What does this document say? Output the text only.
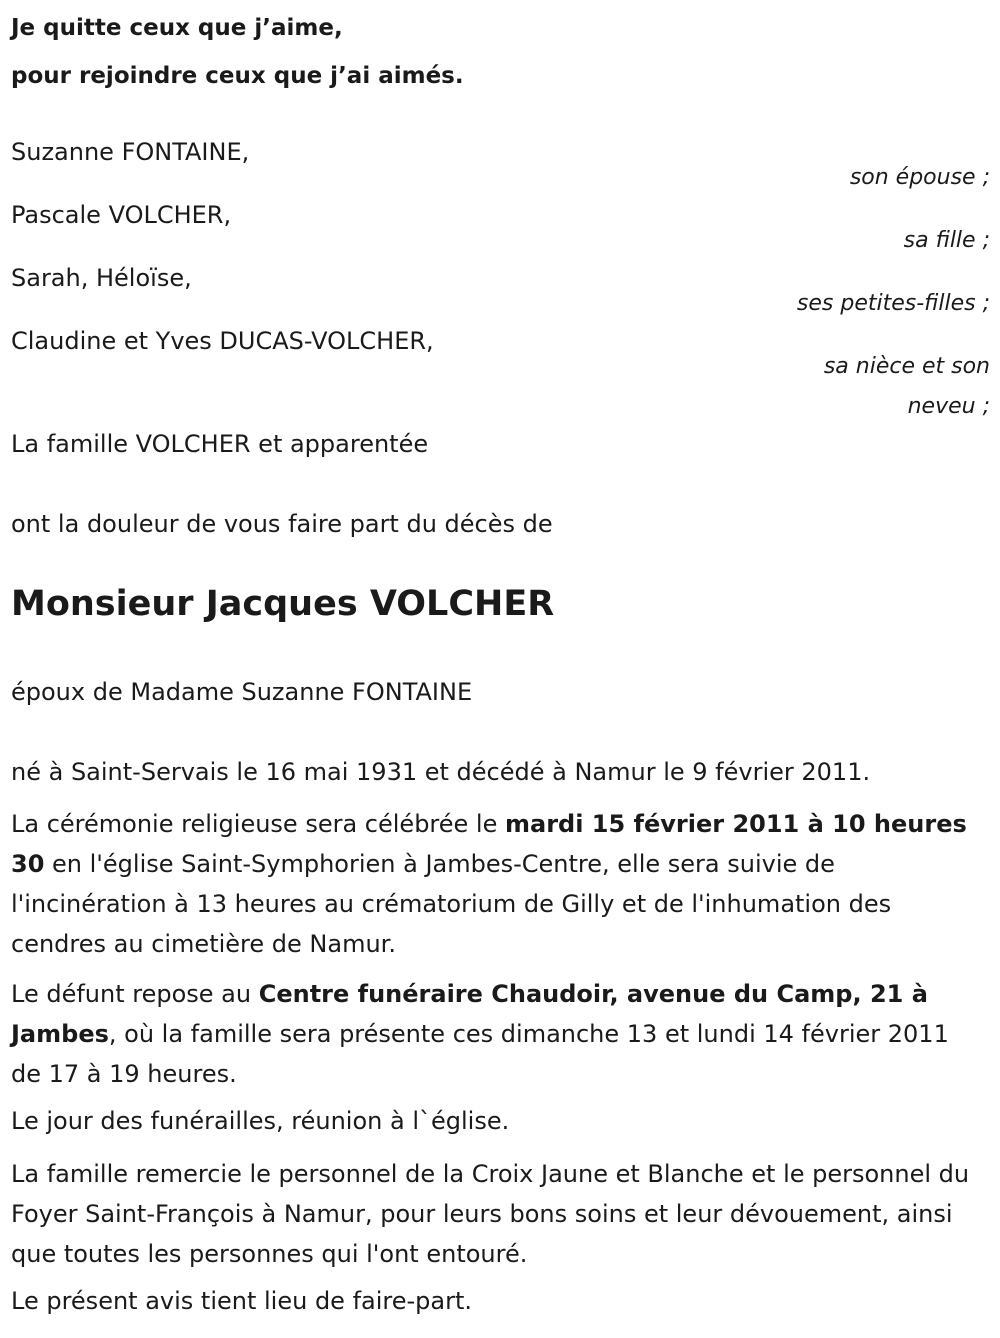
Je quitte ceux que j’aime,
pour rejoindre ceux que j’ai aimés.
Suzanne FONTAINE,
son épouse ;
Pascale VOLCHER,
sa fille ;
Sarah, Héloïse,
ses petites-filles ;
Claudine et Yves DUCAS-VOLCHER,
sa nièce et son
neveu ;
La famille VOLCHER et apparentée
ont la douleur de vous faire part du décès de
Monsieur Jacques VOLCHER
époux de Madame Suzanne FONTAINE
né à Saint-Servais le 16 mai 1931 et décédé à Namur le 9 février 2011.
La cérémonie religieuse sera célébrée le mardi 15 février 2011 à 10 heures 30 en l'église Saint-Symphorien à Jambes-Centre, elle sera suivie de l'incinération à 13 heures au crématorium de Gilly et de l'inhumation des cendres au cimetière de Namur.
Le défunt repose au Centre funéraire Chaudoir, avenue du Camp, 21 à Jambes, où la famille sera présente ces dimanche 13 et lundi 14 février 2011 de 17 à 19 heures.
Le jour des funérailles, réunion à l`église.
La famille remercie le personnel de la Croix Jaune et Blanche et le personnel du Foyer Saint-François à Namur, pour leurs bons soins et leur dévouement, ainsi que toutes les personnes qui l'ont entouré.
Le présent avis tient lieu de faire-part.
